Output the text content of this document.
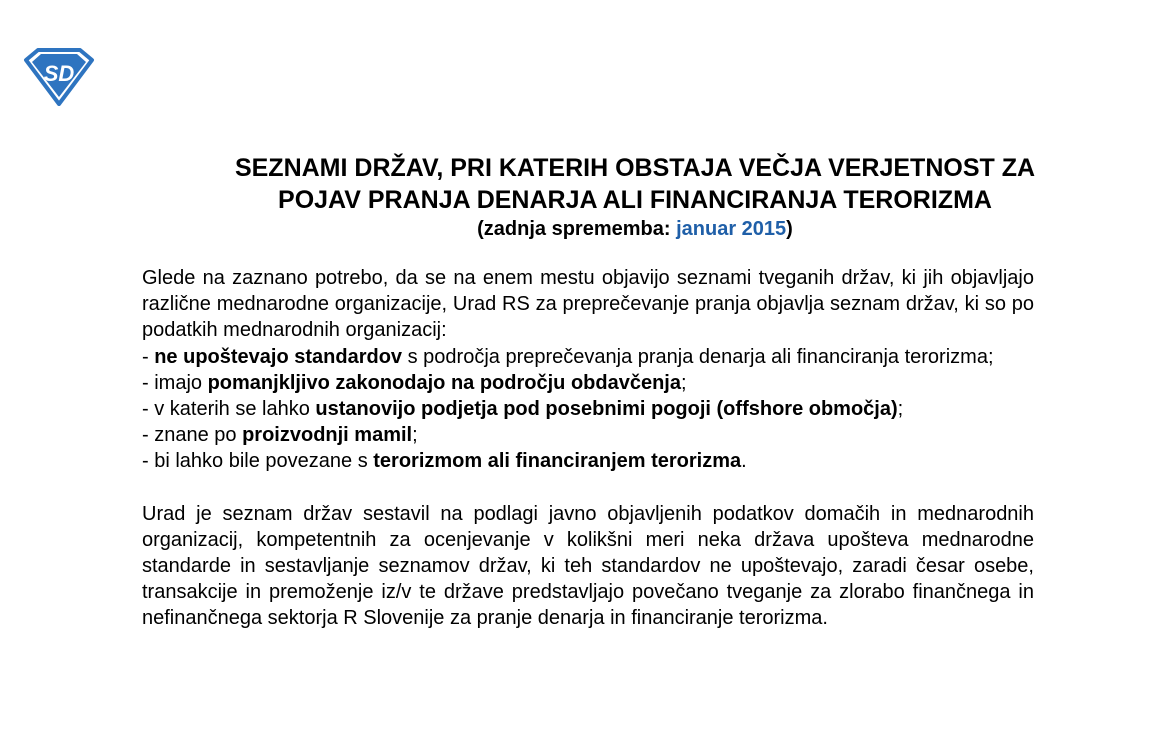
SD
SEZNAMI DRŽAV, PRI KATERIH OBSTAJA VEČJA VERJETNOST ZA
POJAV PRANJA DENARJA ALI FINANCIRANJA TERORIZMA
(zadnja sprememba: januar 2015)

Glede na zaznano potrebo, da se na enem mestu objavijo seznami tveganih držav, ki jih objavljajo različne mednarodne organizacije, Urad RS za preprečevanje pranja objavlja seznam držav, ki so po podatkih mednarodnih organizacij:

- ne upoštevajo standardov s področja preprečevanja pranja denarja ali financiranja terorizma;

- imajo pomanjkljivo zakonodajo na področju obdavčenja;

- v katerih se lahko ustanovijo podjetja pod posebnimi pogoji (offshore območja);

- znane po proizvodnji mamil;

- bi lahko bile povezane s terorizmom ali financiranjem terorizma.

Urad je seznam držav sestavil na podlagi javno objavljenih podatkov domačih in mednarodnih organizacij, kompetentnih za ocenjevanje v kolikšni meri neka država upošteva mednarodne standarde in sestavljanje seznamov držav, ki teh standardov ne upoštevajo, zaradi česar osebe, transakcije in premoženje iz/v te države predstavljajo povečano tveganje za zlorabo finančnega in nefinančnega sektorja R Slovenije za pranje denarja in financiranje terorizma.
